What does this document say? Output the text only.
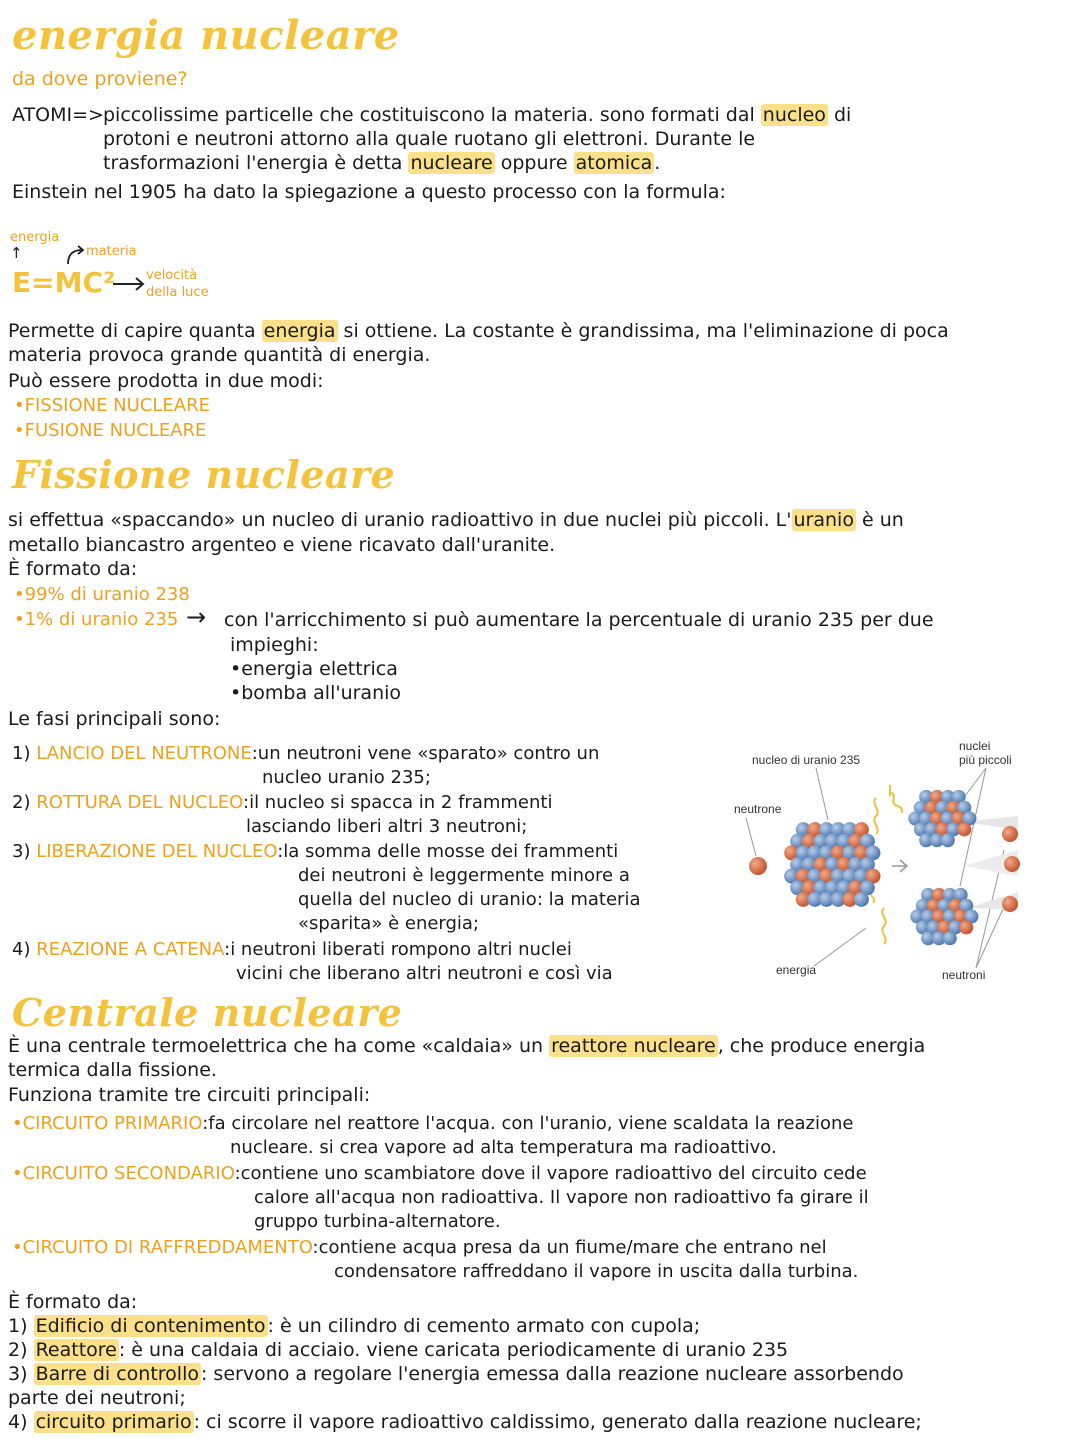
energia nucleare
da dove proviene?
ATOMI=> piccolissime particelle che costituiscono la materia. sono formati dal nucleo di
protoni e neutroni attorno alla quale ruotano gli elettroni. Durante le
trasformazioni l'energia è detta nucleare oppure atomica .
Einstein nel 1905 ha dato la spiegazione a questo processo con la formula:
energia
↑	materia
E=MC² velocità
della luce
Permette di capire quanta energia si ottiene. La costante è grandissima, ma l'eliminazione di poca
materia provoca grande quantità di energia.
Può essere prodotta in due modi:
•FISSIONE NUCLEARE
•FUSIONE NUCLEARE
Fissione nucleare
si effettua «spaccando» un nucleo di uranio radioattivo in due nuclei più piccoli. L' uranio è un
metallo biancastro argenteo e viene ricavato dall'uranite.
È formato da:
•99% di uranio 238
•1% di uranio 235 → con l'arricchimento si può aumentare la percentuale di uranio 235 per due
impieghi:
•energia elettrica
•bomba all'uranio
Le fasi principali sono:
1) LANCIO DEL NEUTRONE:un neutroni vene «sparato» contro un
nucleo uranio 235;
2) ROTTURA DEL NUCLEO:il nucleo si spacca in 2 frammenti
lasciando liberi altri 3 neutroni;
3) LIBERAZIONE DEL NUCLEO:la somma delle mosse dei frammenti
dei neutroni è leggermente minore a
quella del nucleo di uranio: la materia
«sparita» è energia;
4) REAZIONE A CATENA:i neutroni liberati rompono altri nuclei
vicini che liberano altri neutroni e così via
nucleo di uranio 235
nuclei
più piccoli
neutrone
energia	neutroni
Centrale nucleare
È una centrale termoelettrica che ha come «caldaia» un reattore nucleare , che produce energia
termica dalla fissione.
Funziona tramite tre circuiti principali:
•CIRCUITO PRIMARIO:fa circolare nel reattore l'acqua. con l'uranio, viene scaldata la reazione
nucleare. si crea vapore ad alta temperatura ma radioattivo.
•CIRCUITO SECONDARIO:contiene uno scambiatore dove il vapore radioattivo del circuito cede
calore all'acqua non radioattiva. Il vapore non radioattivo fa girare il
gruppo turbina-alternatore.
•CIRCUITO DI RAFFREDDAMENTO:contiene acqua presa da un fiume/mare che entrano nel
condensatore raffreddano il vapore in uscita dalla turbina.
È formato da:
1) Edificio di contenimento : è un cilindro di cemento armato con cupola;
2) Reattore : è una caldaia di acciaio. viene caricata periodicamente di uranio 235
3) Barre di controllo : servono a regolare l'energia emessa dalla reazione nucleare assorbendo
parte dei neutroni;
4) circuito primario : ci scorre il vapore radioattivo caldissimo, generato dalla reazione nucleare;
